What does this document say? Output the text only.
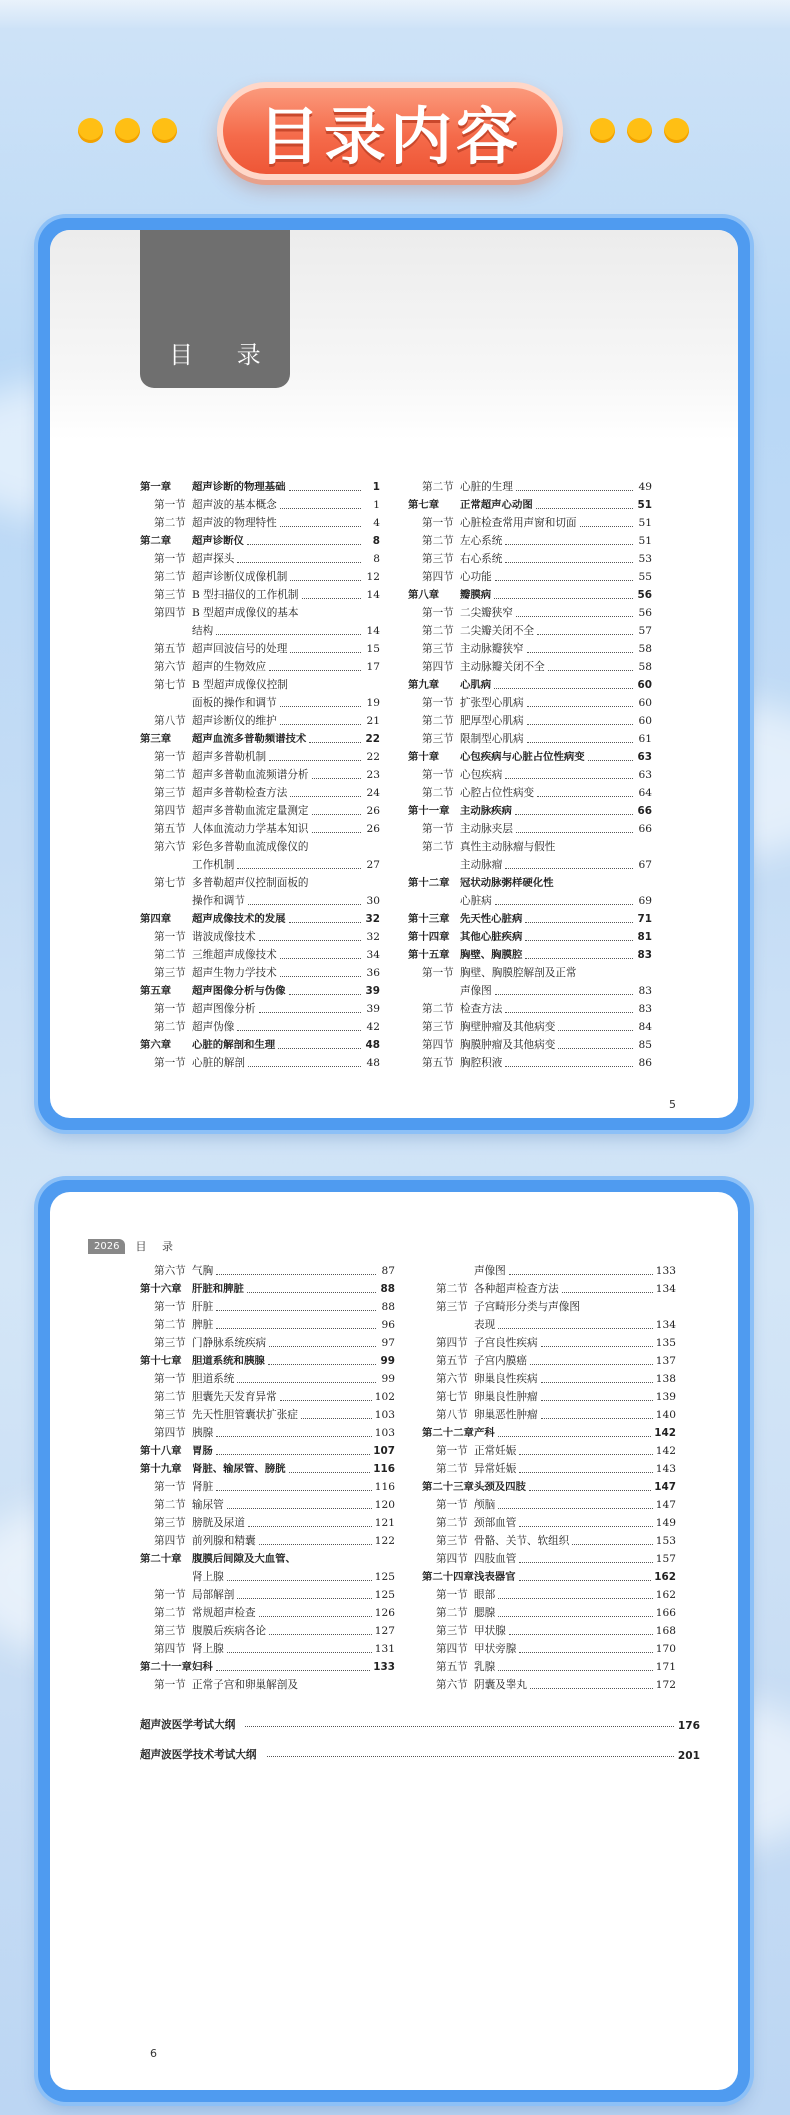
目录内容
目 录
第一章 超声诊断的物理基础	1
第一节 超声波的基本概念	1
第二节 超声波的物理特性	4
第二章 超声诊断仪	8
第一节 超声探头	8
第二节 超声诊断仪成像机制	12
第三节 B 型扫描仪的工作机制	14
第四节 B 型超声成像仪的基本
结构	14
第五节 超声回波信号的处理	15
第六节 超声的生物效应	17
第七节 B 型超声成像仪控制
面板的操作和调节	19
第八节 超声诊断仪的维护	21
第三章 超声血流多普勒频谱技术	22
第一节 超声多普勒机制	22
第二节 超声多普勒血流频谱分析	23
第三节 超声多普勒检查方法	24
第四节 超声多普勒血流定量测定	26
第五节 人体血流动力学基本知识	26
第六节 彩色多普勒血流成像仪的
工作机制	27
第七节 多普勒超声仪控制面板的
操作和调节	30
第四章 超声成像技术的发展	32
第一节 谐波成像技术	32
第二节 三维超声成像技术	34
第三节 超声生物力学技术	36
第五章 超声图像分析与伪像	39
第一节 超声图像分析	39
第二节 超声伪像	42
第六章 心脏的解剖和生理	48
第一节 心脏的解剖	48
第二节 心脏的生理	49
第七章 正常超声心动图	51
第一节 心脏检查常用声窗和切面	51
第二节 左心系统	51
第三节 右心系统	53
第四节 心功能	55
第八章 瓣膜病	56
第一节 二尖瓣狭窄	56
第二节 二尖瓣关闭不全	57
第三节 主动脉瓣狭窄	58
第四节 主动脉瓣关闭不全	58
第九章 心肌病	60
第一节 扩张型心肌病	60
第二节 肥厚型心肌病	60
第三节 限制型心肌病	61
第十章 心包疾病与心脏占位性病变	63
第一节 心包疾病	63
第二节 心腔占位性病变	64
第十一章 主动脉疾病	66
第一节 主动脉夹层	66
第二节 真性主动脉瘤与假性
主动脉瘤	67
第十二章 冠状动脉粥样硬化性
心脏病	69
第十三章 先天性心脏病	71
第十四章 其他心脏疾病	81
第十五章 胸壁、胸膜腔	83
第一节 胸壁、胸膜腔解剖及正常
声像图	83
第二节 检查方法	83
第三节 胸壁肿瘤及其他病变	84
第四节 胸膜肿瘤及其他病变	85
第五节 胸腔积液	86
5
2026	目 录
第六节 气胸	87
第十六章 肝脏和脾脏	88
第一节 肝脏	88
第二节 脾脏	96
第三节 门静脉系统疾病	97
第十七章 胆道系统和胰腺	99
第一节 胆道系统	99
第二节 胆囊先天发育异常	102
第三节 先天性胆管囊状扩张症	103
第四节 胰腺	103
第十八章 胃肠	107
第十九章 肾脏、输尿管、膀胱	116
第一节 肾脏	116
第二节 输尿管	120
第三节 膀胱及尿道	121
第四节 前列腺和精囊	122
第二十章 腹膜后间隙及大血管、
肾上腺	125
第一节 局部解剖	125
第二节 常规超声检查	126
第三节 腹膜后疾病各论	127
第四节 肾上腺	131
第二十一章妇科	133
第一节 正常子宫和卵巢解剖及
声像图	133
第二节 各种超声检查方法	134
第三节 子宫畸形分类与声像图
表现	134
第四节 子宫良性疾病	135
第五节 子宫内膜癌	137
第六节 卵巢良性疾病	138
第七节 卵巢良性肿瘤	139
第八节 卵巢恶性肿瘤	140
第二十二章产科	142
第一节 正常妊娠	142
第二节 异常妊娠	143
第二十三章头颈及四肢	147
第一节 颅脑	147
第二节 颈部血管	149
第三节 骨骼、关节、软组织	153
第四节 四肢血管	157
第二十四章浅表器官	162
第一节 眼部	162
第二节 腮腺	166
第三节 甲状腺	168
第四节 甲状旁腺	170
第五节 乳腺	171
第六节 阴囊及睾丸	172
超声波医学考试大纲	176
超声波医学技术考试大纲	201
6
